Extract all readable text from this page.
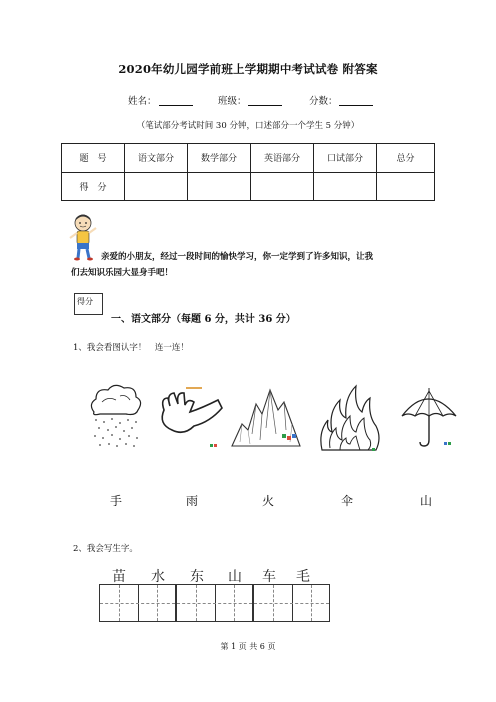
2020年幼儿园学前班上学期期中考试试卷 附答案
姓名：	班级：	分数：
（笔试部分考试时间 30 分钟，口述部分一个学生 5 分钟）
题　号	语文部分	数学部分	英语部分	口试部分	总分
得　分					
亲爱的小朋友，经过一段时间的愉快学习，你一定学到了许多知识，让我
们去知识乐园大显身手吧！
得分
一、语文部分（每题 6 分，共计 36 分）
1、我会看图认字！　连一连！
手	雨	火	伞	山
2、我会写生字。
苗 水 东 山 车 毛
第 1 页 共 6 页
